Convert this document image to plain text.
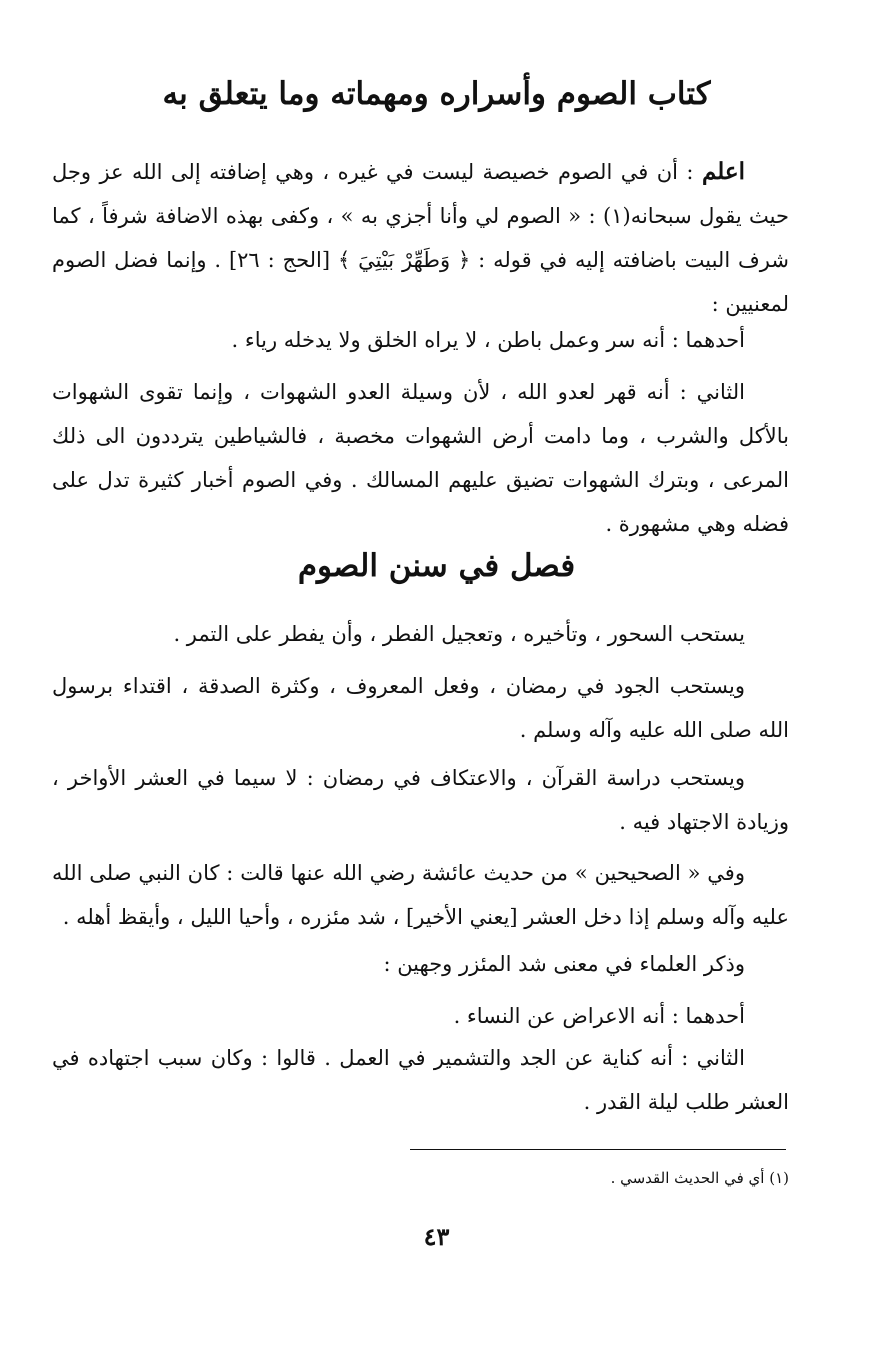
كتاب الصوم وأسراره ومهماته وما يتعلق به
اعلم : أن في الصوم خصيصة ليست في غيره ، وهي إضافته إلى الله عز وجل حيث يقول سبحانه(١) : « الصوم لي وأنا أجزي به » ، وكفى بهذه الاضافة شرفاً ، كما شرف البيت باضافته إليه في قوله : ﴿ وَطَهِّرْ بَيْتِيَ ﴾ [الحج : ٢٦] . وإنما فضل الصوم لمعنيين :
أحدهما : أنه سر وعمل باطن ، لا يراه الخلق ولا يدخله رياء .
الثاني : أنه قهر لعدو الله ، لأن وسيلة العدو الشهوات ، وإنما تقوى الشهوات بالأكل والشرب ، وما دامت أرض الشهوات مخصبة ، فالشياطين يترددون الى ذلك المرعى ، وبترك الشهوات تضيق عليهم المسالك . وفي الصوم أخبار كثيرة تدل على فضله وهي مشهورة .
فصل في سنن الصوم
يستحب السحور ، وتأخيره ، وتعجيل الفطر ، وأن يفطر على التمر .
ويستحب الجود في رمضان ، وفعل المعروف ، وكثرة الصدقة ، اقتداء برسول الله صلى الله عليه وآله وسلم .
ويستحب دراسة القرآن ، والاعتكاف في رمضان : لا سيما في العشر الأواخر ، وزيادة الاجتهاد فيه .
وفي « الصحيحين » من حديث عائشة رضي الله عنها قالت : كان النبي صلى الله عليه وآله وسلم إذا دخل العشر [يعني الأخير] ، شد مئزره ، وأحيا الليل ، وأيقظ أهله .
وذكر العلماء في معنى شد المئزر وجهين :
أحدهما : أنه الاعراض عن النساء .
الثاني : أنه كناية عن الجد والتشمير في العمل . قالوا : وكان سبب اجتهاده في العشر طلب ليلة القدر .
(١) أي في الحديث القدسي .
٤٣
